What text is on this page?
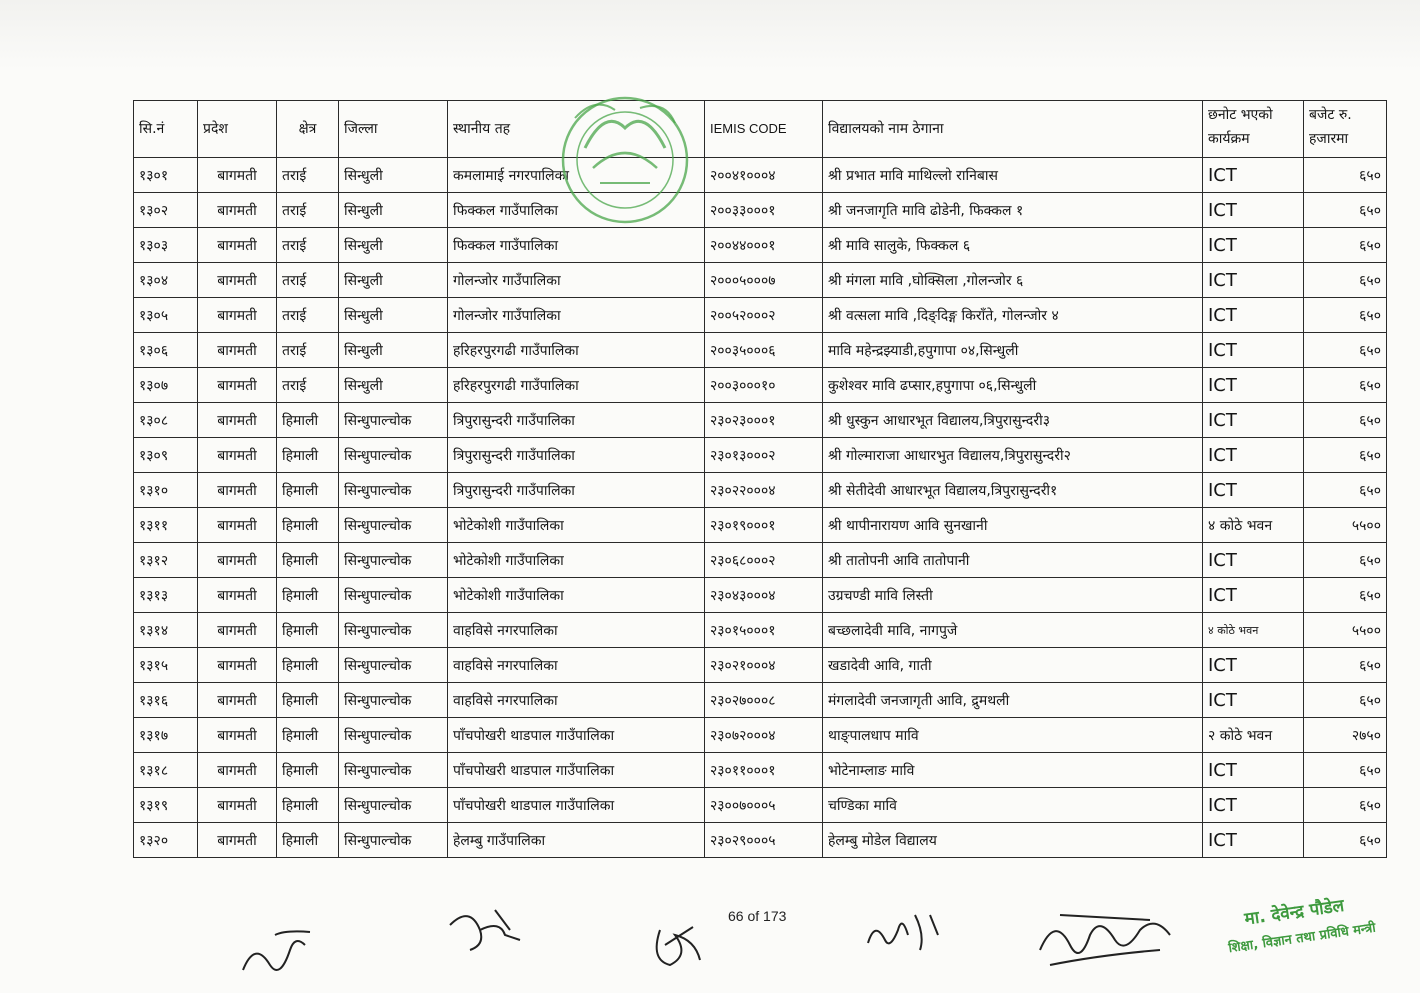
सि.नं	प्रदेश	क्षेत्र	जिल्ला	स्थानीय तह	IEMIS CODE	विद्यालयको नाम ठेगाना	छनोट भएको कार्यक्रम	बजेट रु. हजारमा
१३०१	बागमती	तराई	सिन्धुली	कमलामाई नगरपालिका	२००४१०००४	श्री प्रभात मावि माथिल्लो रानिबास	ICT	६५०
१३०२	बागमती	तराई	सिन्धुली	फिक्कल गाउँपालिका	२००३३०००१	श्री जनजागृति मावि ढोडेनी, फिक्कल १	ICT	६५०
१३०३	बागमती	तराई	सिन्धुली	फिक्कल गाउँपालिका	२००४४०००१	श्री मावि सालुके, फिक्कल ६	ICT	६५०
१३०४	बागमती	तराई	सिन्धुली	गोलन्जोर गाउँपालिका	२०००५०००७	श्री मंगला मावि ,घोक्सिला ,गोलन्जोर ६	ICT	६५०
१३०५	बागमती	तराई	सिन्धुली	गोलन्जोर गाउँपालिका	२००५२०००२	श्री वत्सला मावि ,दिङ्दिङ्ग किराँते, गोलन्जोर ४	ICT	६५०
१३०६	बागमती	तराई	सिन्धुली	हरिहरपुरगढी गाउँपालिका	२००३५०००६	मावि महेन्द्रझ्याडी,हपुगापा ०४,सिन्धुली	ICT	६५०
१३०७	बागमती	तराई	सिन्धुली	हरिहरपुरगढी गाउँपालिका	२००३०००१०	कुशेश्वर मावि ढप्सार,हपुगापा ०६,सिन्धुली	ICT	६५०
१३०८	बागमती	हिमाली	सिन्धुपाल्चोक	त्रिपुरासुन्दरी गाउँपालिका	२३०२३०००१	श्री धुस्कुन आधारभूत विद्यालय,त्रिपुरासुन्दरी३	ICT	६५०
१३०९	बागमती	हिमाली	सिन्धुपाल्चोक	त्रिपुरासुन्दरी गाउँपालिका	२३०१३०००२	श्री गोल्माराजा आधारभुत विद्यालय,त्रिपुरासुन्दरी२	ICT	६५०
१३१०	बागमती	हिमाली	सिन्धुपाल्चोक	त्रिपुरासुन्दरी गाउँपालिका	२३०२२०००४	श्री सेतीदेवी आधारभूत विद्यालय,त्रिपुरासुन्दरी१	ICT	६५०
१३११	बागमती	हिमाली	सिन्धुपाल्चोक	भोटेकोशी गाउँपालिका	२३०१९०००१	श्री थापीनारायण आवि सुनखानी	४ कोठे भवन	५५००
१३१२	बागमती	हिमाली	सिन्धुपाल्चोक	भोटेकोशी गाउँपालिका	२३०६८०००२	श्री तातोपनी आवि तातोपानी	ICT	६५०
१३१३	बागमती	हिमाली	सिन्धुपाल्चोक	भोटेकोशी गाउँपालिका	२३०४३०००४	उग्रचण्डी मावि लिस्ती	ICT	६५०
१३१४	बागमती	हिमाली	सिन्धुपाल्चोक	वाहविसे नगरपालिका	२३०१५०००१	बच्छलादेवी मावि, नागपुजे	४ कोठे भवन	५५००
१३१५	बागमती	हिमाली	सिन्धुपाल्चोक	वाहविसे नगरपालिका	२३०२१०००४	खडादेवी आवि, गाती	ICT	६५०
१३१६	बागमती	हिमाली	सिन्धुपाल्चोक	वाहविसे नगरपालिका	२३०२७०००८	मंगलादेवी जनजागृती आवि, द्रुमथली	ICT	६५०
१३१७	बागमती	हिमाली	सिन्धुपाल्चोक	पाँचपोखरी थाडपाल गाउँपालिका	२३०७२०००४	थाङ्पालधाप मावि	२ कोठे भवन	२७५०
१३१८	बागमती	हिमाली	सिन्धुपाल्चोक	पाँचपोखरी थाडपाल गाउँपालिका	२३०११०००१	भोटेनाम्लाङ मावि	ICT	६५०
१३१९	बागमती	हिमाली	सिन्धुपाल्चोक	पाँचपोखरी थाडपाल गाउँपालिका	२३००७०००५	चण्डिका मावि	ICT	६५०
१३२०	बागमती	हिमाली	सिन्धुपाल्चोक	हेलम्बु गाउँपालिका	२३०२९०००५	हेलम्बु मोडेल विद्यालय	ICT	६५०
66 of 173	मा. देवेन्द्र पौडेल
शिक्षा, विज्ञान तथा प्रविधि मन्त्री
